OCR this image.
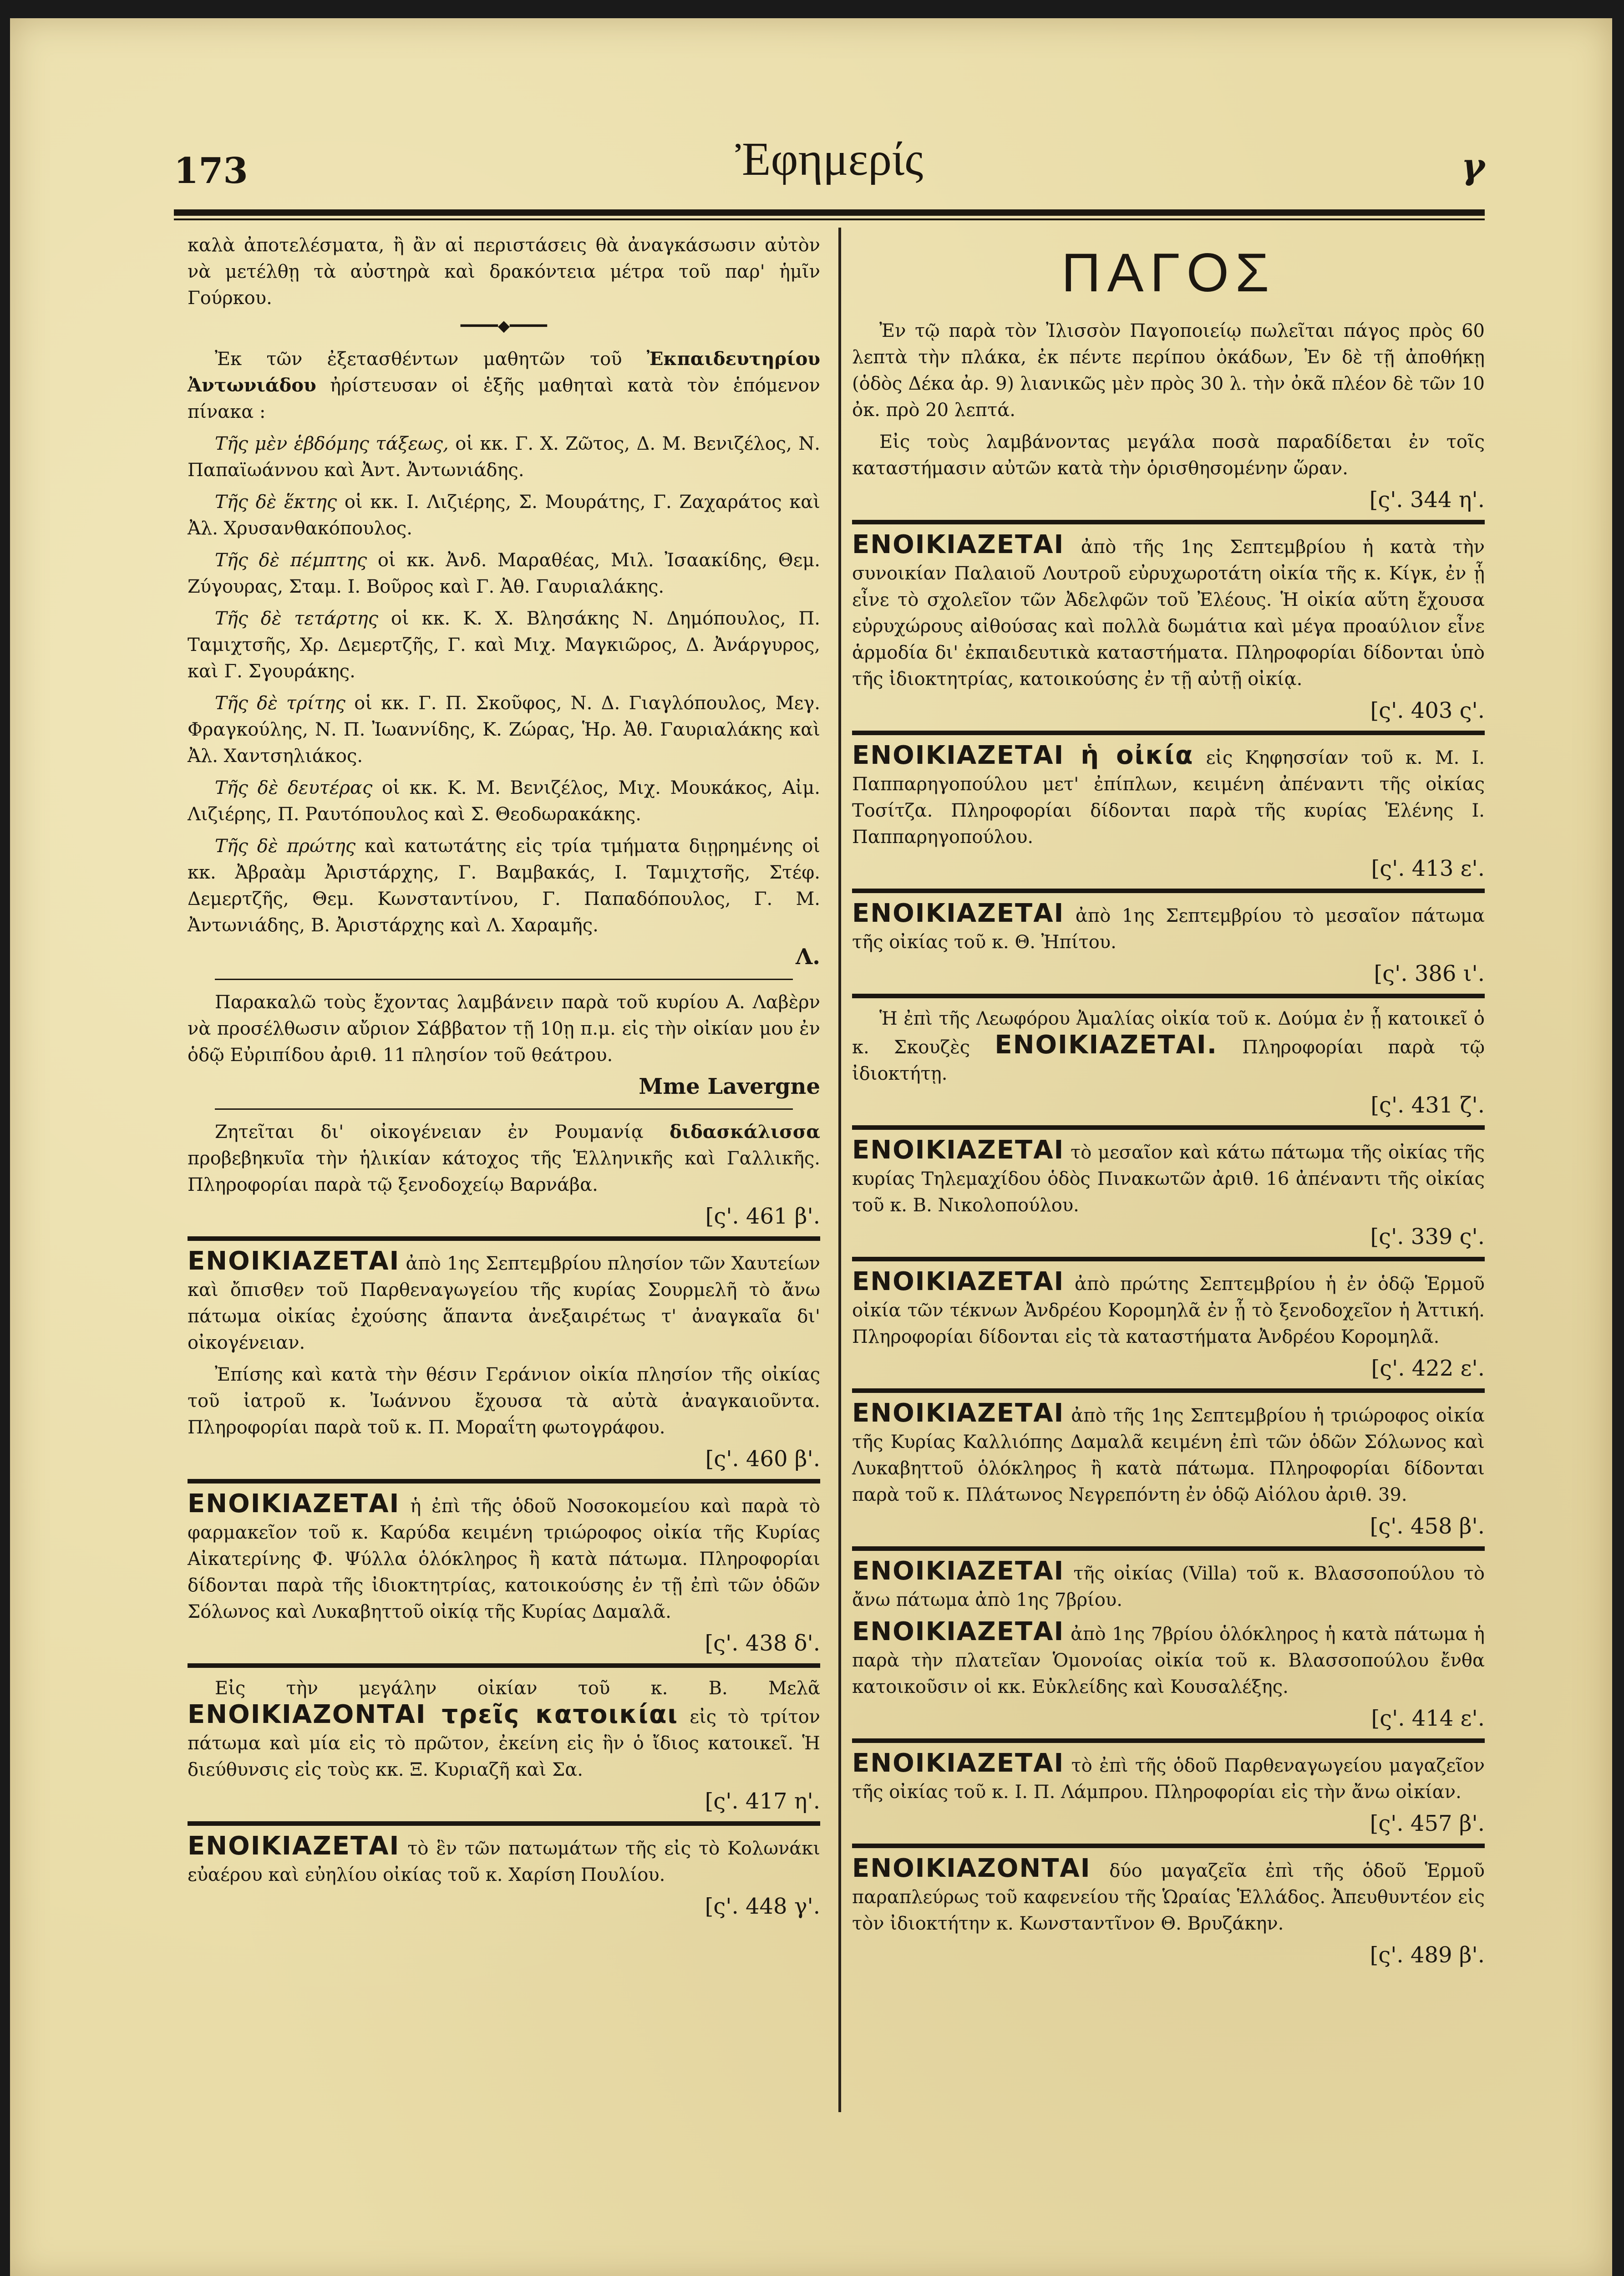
173	Ἐφημερίς	γ

καλὰ ἀποτελέσματα, ἢ ἂν αἱ περιστάσεις θὰ ἀναγκάσωσιν αὐτὸν νὰ μετέλθῃ τὰ αὐστηρὰ καὶ δρακόντεια μέτρα τοῦ παρ' ἡμῖν Γούρκου.

━━━━◆━━━━

Ἐκ τῶν ἐξετασθέντων μαθητῶν τοῦ Ἐκπαιδευτηρίου Ἀντωνιάδου ἠρίστευσαν οἱ ἑξῆς μαθηταὶ κατὰ τὸν ἑπόμενον πίνακα :

Τῆς μὲν ἑβδόμης τάξεως, οἱ κκ. Γ. Χ. Ζῶτος, Δ. Μ. Βενιζέλος, Ν. Παπαϊωάννου καὶ Ἀντ. Ἀντωνιάδης.

Τῆς δὲ ἕκτης οἱ κκ. Ι. Λιζιέρης, Σ. Μουράτης, Γ. Ζαχαράτος καὶ Ἀλ. Χρυσανθακόπουλος.

Τῆς δὲ πέμπτης οἱ κκ. Ἀνδ. Μαραθέας, Μιλ. Ἰσαακίδης, Θεμ. Ζύγουρας, Σταμ. Ι. Βοῦρος καὶ Γ. Ἀθ. Γαυριαλάκης.

Τῆς δὲ τετάρτης οἱ κκ. Κ. Χ. Βλησάκης Ν. Δημόπουλος, Π. Ταμιχτσῆς, Χρ. Δεμερτζῆς, Γ. καὶ Μιχ. Μαγκιῶρος, Δ. Ἀνάργυρος, καὶ Γ. Σγουράκης.

Τῆς δὲ τρίτης οἱ κκ. Γ. Π. Σκοῦφος, Ν. Δ. Γιαγλόπουλος, Μεγ. Φραγκούλης, Ν. Π. Ἰωαννίδης, Κ. Ζώρας, Ἡρ. Ἀθ. Γαυριαλάκης καὶ Ἀλ. Χαντσηλιάκος.

Τῆς δὲ δευτέρας οἱ κκ. Κ. Μ. Βενιζέλος, Μιχ. Μουκάκος, Αἰμ. Λιζιέρης, Π. Ραυτόπουλος καὶ Σ. Θεοδωρακάκης.

Τῆς δὲ πρώτης καὶ κατωτάτης εἰς τρία τμήματα διῃρημένης οἱ κκ. Ἀβραὰμ Ἀριστάρχης, Γ. Βαμβακάς, Ι. Ταμιχτσῆς, Στέφ. Δεμερτζῆς, Θεμ. Κωνσταντίνου, Γ. Παπαδόπουλος, Γ. Μ. Ἀντωνιάδης, Β. Ἀριστάρχης καὶ Λ. Χαραμῆς.

Λ.

Παρακαλῶ τοὺς ἔχοντας λαμβάνειν παρὰ τοῦ κυρίου Α. Λαβὲρν νὰ προσέλθωσιν αὔριον Σάββατον τῇ 10ῃ π.μ. εἰς τὴν οἰκίαν μου ἐν ὁδῷ Εὐριπίδου ἀριθ. 11 πλησίον τοῦ θεάτρου.

Mme Lavergne

Ζητεῖται δι' οἰκογένειαν ἐν Ρουμανίᾳ διδασκάλισσα προβεβηκυῖα τὴν ἡλικίαν κάτοχος τῆς Ἑλληνικῆς καὶ Γαλλικῆς. Πληροφορίαι παρὰ τῷ ξενοδοχείῳ Βαρνάβα.

[ς'. 461 β'.

ΕΝΟΙΚΙΑΖΕΤΑΙ ἀπὸ 1ης Σεπτεμβρίου πλησίον τῶν Χαυτείων καὶ ὄπισθεν τοῦ Παρθεναγωγείου τῆς κυρίας Σουρμελῆ τὸ ἄνω πάτωμα οἰκίας ἐχούσης ἅπαντα ἀνεξαιρέτως τ' ἀναγκαῖα δι' οἰκογένειαν.

Ἐπίσης καὶ κατὰ τὴν θέσιν Γεράνιον οἰκία πλησίον τῆς οἰκίας τοῦ ἰατροῦ κ. Ἰωάννου ἔχουσα τὰ αὐτὰ ἀναγκαιοῦντα. Πληροφορίαι παρὰ τοῦ κ. Π. Μοραΐτη φωτογράφου.

[ς'. 460 β'.

ΕΝΟΙΚΙΑΖΕΤΑΙ ἡ ἐπὶ τῆς ὁδοῦ Νοσοκομείου καὶ παρὰ τὸ φαρμακεῖον τοῦ κ. Καρύδα κειμένη τριώροφος οἰκία τῆς Κυρίας Αἰκατερίνης Φ. Ψύλλα ὁλόκληρος ἢ κατὰ πάτωμα. Πληροφορίαι δίδονται παρὰ τῆς ἰδιοκτητρίας, κατοικούσης ἐν τῇ ἐπὶ τῶν ὁδῶν Σόλωνος καὶ Λυκαβηττοῦ οἰκίᾳ τῆς Κυρίας Δαμαλᾶ.

[ς'. 438 δ'.

Εἰς τὴν μεγάλην οἰκίαν τοῦ κ. Β. Μελᾶ ΕΝΟΙΚΙΑΖΟΝΤΑΙ τρεῖς κατοικίαι εἰς τὸ τρίτον πάτωμα καὶ μία εἰς τὸ πρῶτον, ἐκείνη εἰς ἣν ὁ ἴδιος κατοικεῖ. Ἡ διεύθυνσις εἰς τοὺς κκ. Ξ. Κυριαζῆ καὶ Σα.

[ς'. 417 η'.

ΕΝΟΙΚΙΑΖΕΤΑΙ τὸ ἓν τῶν πατωμάτων τῆς εἰς τὸ Κολωνάκι εὐαέρου καὶ εὐηλίου οἰκίας τοῦ κ. Χαρίση Πουλίου.

[ς'. 448 γ'.
ΠΑΓΟΣ

Ἐν τῷ παρὰ τὸν Ἰλισσὸν Παγοποιείῳ πωλεῖται πάγος πρὸς 60 λεπτὰ τὴν πλάκα, ἐκ πέντε περίπου ὀκάδων, Ἐν δὲ τῇ ἀποθήκῃ (ὁδὸς Δέκα ἀρ. 9) λιανικῶς μὲν πρὸς 30 λ. τὴν ὀκᾶ πλέον δὲ τῶν 10 ὀκ. πρὸ 20 λεπτά.

Εἰς τοὺς λαμβάνοντας μεγάλα ποσὰ παραδίδεται ἐν τοῖς καταστήμασιν αὐτῶν κατὰ τὴν ὁρισθησομένην ὥραν.

[ς'. 344 η'.

ΕΝΟΙΚΙΑΖΕΤΑΙ ἀπὸ τῆς 1ης Σεπτεμβρίου ἡ κατὰ τὴν συνοικίαν Παλαιοῦ Λουτροῦ εὐρυχωροτάτη οἰκία τῆς κ. Κίγκ, ἐν ᾗ εἶνε τὸ σχολεῖον τῶν Ἀδελφῶν τοῦ Ἐλέους. Ἡ οἰκία αὕτη ἔχουσα εὐρυχώρους αἰθούσας καὶ πολλὰ δωμάτια καὶ μέγα προαύλιον εἶνε ἁρμοδία δι' ἐκπαιδευτικὰ καταστήματα. Πληροφορίαι δίδονται ὑπὸ τῆς ἰδιοκτητρίας, κατοικούσης ἐν τῇ αὐτῇ οἰκίᾳ.

[ς'. 403 ς'.

ΕΝΟΙΚΙΑΖΕΤΑΙ ἡ οἰκία εἰς Κηφησσίαν τοῦ κ. Μ. Ι. Παππαρηγοπούλου μετ' ἐπίπλων, κειμένη ἀπέναντι τῆς οἰκίας Τοσίτζα. Πληροφορίαι δίδονται παρὰ τῆς κυρίας Ἑλένης Ι. Παππαρηγοπούλου.

[ς'. 413 ε'.

ΕΝΟΙΚΙΑΖΕΤΑΙ ἀπὸ 1ης Σεπτεμβρίου τὸ μεσαῖον πάτωμα τῆς οἰκίας τοῦ κ. Θ. Ἠπίτου.

[ς'. 386 ι'.

Ἡ ἐπὶ τῆς Λεωφόρου Ἀμαλίας οἰκία τοῦ κ. Δούμα ἐν ᾗ κατοικεῖ ὁ κ. Σκουζὲς ΕΝΟΙΚΙΑΖΕΤΑΙ. Πληροφορίαι παρὰ τῷ ἰδιοκτήτῃ.

[ς'. 431 ζ'.

ΕΝΟΙΚΙΑΖΕΤΑΙ τὸ μεσαῖον καὶ κάτω πάτωμα τῆς οἰκίας τῆς κυρίας Τηλεμαχίδου ὁδὸς Πινακωτῶν ἀριθ. 16 ἀπέναντι τῆς οἰκίας τοῦ κ. Β. Νικολοπούλου.

[ς'. 339 ς'.

ΕΝΟΙΚΙΑΖΕΤΑΙ ἀπὸ πρώτης Σεπτεμβρίου ἡ ἐν ὁδῷ Ἑρμοῦ οἰκία τῶν τέκνων Ἀνδρέου Κορομηλᾶ ἐν ᾗ τὸ ξενοδοχεῖον ἡ Ἀττική. Πληροφορίαι δίδονται εἰς τὰ καταστήματα Ἀνδρέου Κορομηλᾶ.

[ς'. 422 ε'.

ΕΝΟΙΚΙΑΖΕΤΑΙ ἀπὸ τῆς 1ης Σεπτεμβρίου ἡ τριώροφος οἰκία τῆς Κυρίας Καλλιόπης Δαμαλᾶ κειμένη ἐπὶ τῶν ὁδῶν Σόλωνος καὶ Λυκαβηττοῦ ὁλόκληρος ἢ κατὰ πάτωμα. Πληροφορίαι δίδονται παρὰ τοῦ κ. Πλάτωνος Νεγρεπόντη ἐν ὁδῷ Αἰόλου ἀριθ. 39.

[ς'. 458 β'.

ΕΝΟΙΚΙΑΖΕΤΑΙ τῆς οἰκίας (Villa) τοῦ κ. Βλασσοπούλου τὸ ἄνω πάτωμα ἀπὸ 1ης 7βρίου.

ΕΝΟΙΚΙΑΖΕΤΑΙ ἀπὸ 1ης 7βρίου ὁλόκληρος ἡ κατὰ πάτωμα ἡ παρὰ τὴν πλατεῖαν Ὁμονοίας οἰκία τοῦ κ. Βλασσοπούλου ἔνθα κατοικοῦσιν οἱ κκ. Εὐκλείδης καὶ Κουσαλέξης.

[ς'. 414 ε'.

ΕΝΟΙΚΙΑΖΕΤΑΙ τὸ ἐπὶ τῆς ὁδοῦ Παρθεναγωγείου μαγαζεῖον τῆς οἰκίας τοῦ κ. Ι. Π. Λάμπρου. Πληροφορίαι εἰς τὴν ἄνω οἰκίαν.

[ς'. 457 β'.

ΕΝΟΙΚΙΑΖΟΝΤΑΙ δύο μαγαζεῖα ἐπὶ τῆς ὁδοῦ Ἑρμοῦ παραπλεύρως τοῦ καφενείου τῆς Ὡραίας Ἑλλάδος. Ἀπευθυντέον εἰς τὸν ἰδιοκτήτην κ. Κωνσταντῖνον Θ. Βρυζάκην.

[ς'. 489 β'.
